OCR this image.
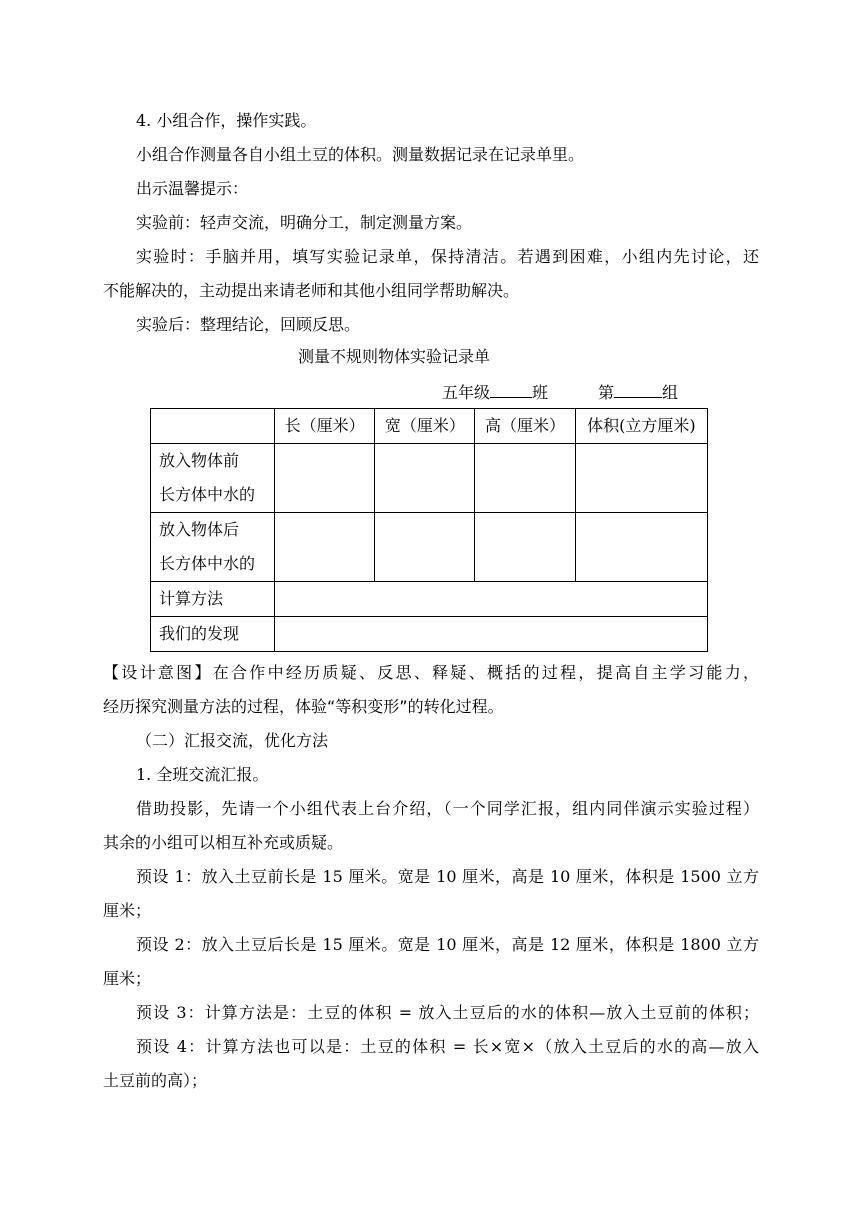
4. 小组合作，操作实践。
小组合作测量各自小组土豆的体积。测量数据记录在记录单里。
出示温馨提示：
实验前：轻声交流，明确分工，制定测量方案。
实验时：手脑并用，填写实验记录单，保持清洁。若遇到困难，小组内先讨论，还
不能解决的，主动提出来请老师和其他小组同学帮助解决。
实验后：整理结论，回顾反思。
测量不规则物体实验记录单
五年级	班	第	组
	长（厘米）	宽（厘米）	高（厘米）	体积(立方厘米)

放入物体前
长方体中水的				

放入物体后
长方体中水的				

计算方法				
我们的发现				
【设计意图】在合作中经历质疑、反思、释疑、概括的过程，提高自主学习能力，
经历探究测量方法的过程，体验“等积变形”的转化过程。
（二）汇报交流，优化方法
1. 全班交流汇报。
借助投影，先请一个小组代表上台介绍，（一个同学汇报，组内同伴演示实验过程）
其余的小组可以相互补充或质疑。
预设 1：放入土豆前长是 15 厘米。宽是 10 厘米，高是 10 厘米，体积是 1500 立方
厘米；
预设 2：放入土豆后长是 15 厘米。宽是 10 厘米，高是 12 厘米，体积是 1800 立方
厘米；
预设 3：计算方法是：土豆的体积 = 放入土豆后的水的体积—放入土豆前的体积；
预设 4：计算方法也可以是：土豆的体积 = 长×宽×（放入土豆后的水的高—放入
土豆前的高）；
